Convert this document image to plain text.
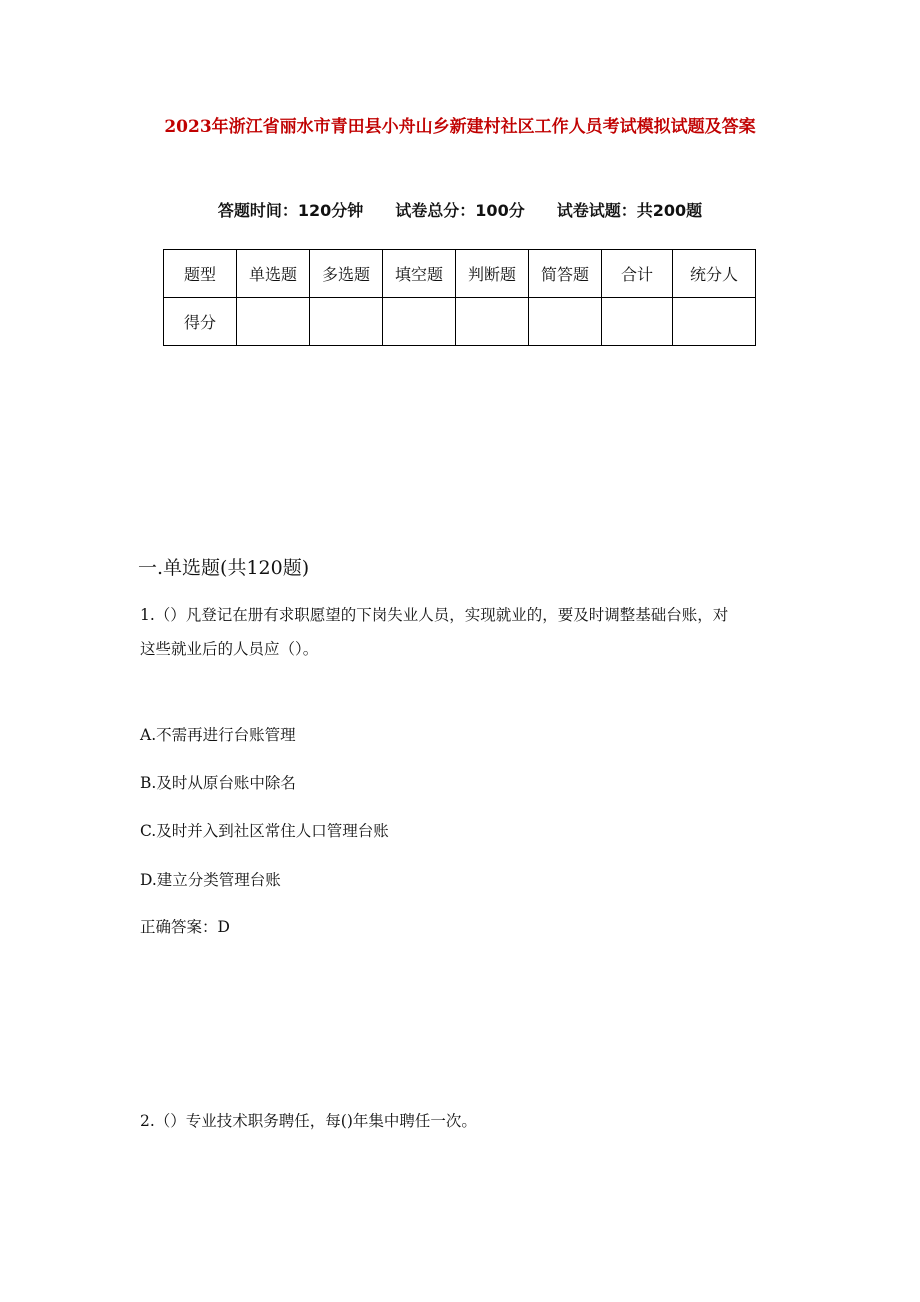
2023年浙江省丽水市青田县小舟山乡新建村社区工作人员考试模拟试题及答案
答题时间：120分钟 试卷总分：100分 试卷试题：共200题
题型	单选题	多选题	填空题	判断题	简答题	合计	统分人
得分							
一.单选题(共120题)
1.（）凡登记在册有求职愿望的下岗失业人员，实现就业的，要及时调整基础台账，对
这些就业后的人员应（）。
A.不需再进行台账管理
B.及时从原台账中除名
C.及时并入到社区常住人口管理台账
D.建立分类管理台账
正确答案：D
2.（）专业技术职务聘任，每()年集中聘任一次。
